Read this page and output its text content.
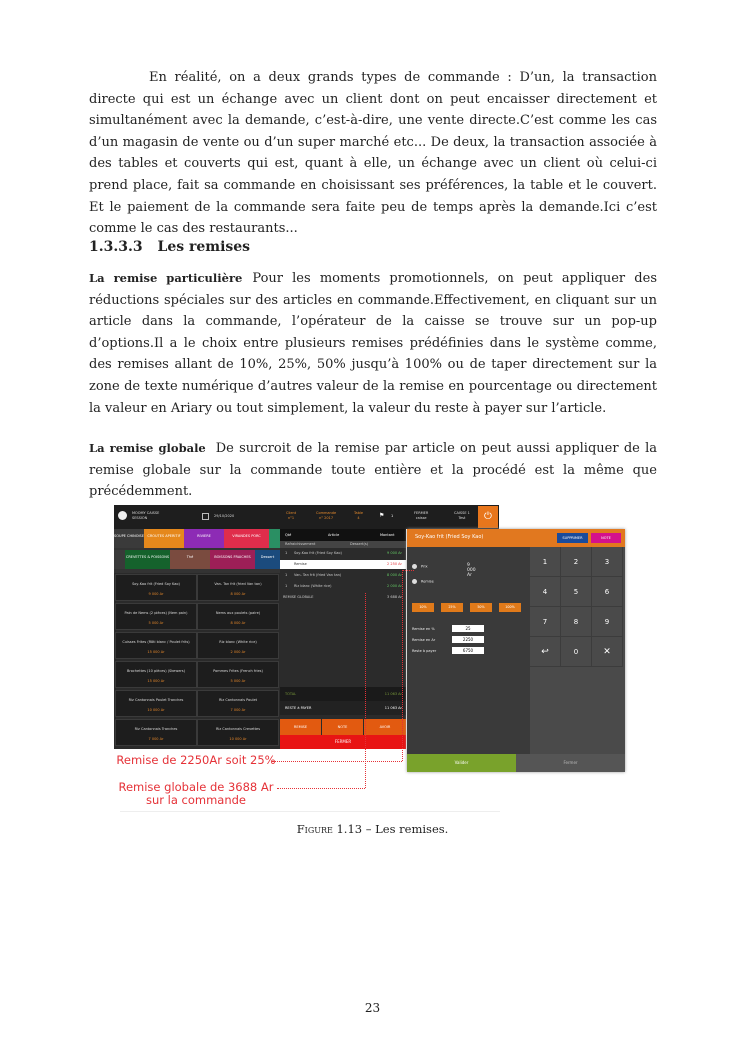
En réalité, on a deux grands types de commande : D’un, la transaction directe qui est un échange avec un client dont on peut encaisser directement et simultanément avec la demande, c’est-à-dire, une vente directe.C’est comme les cas d’un magasin de vente ou d’un super marché etc... De deux, la transaction associée à des tables et couverts qui est, quant à elle, un échange avec un client où celui-ci prend place, fait sa commande en choisissant ses préférences, la table et le couvert. Et le paiement de la commande sera faite peu de temps après la demande.Ici c’est comme le cas des restaurants...
1.3.3.3 Les remises
La remise particulière Pour les moments promotionnels, on peut appliquer des réductions spéciales sur des articles en commande.Effectivement, en cliquant sur un article dans la commande, l’opérateur de la caisse se trouve sur un pop-up d’options.Il a le choix entre plusieurs remises prédéfinies dans le système comme, des remises allant de 10%, 25%, 50% jusqu’à 100% ou de taper directement sur la zone de texte numérique d’autres valeur de la remise en pourcentage ou directement la valeur en Ariary ou tout simplement, la valeur du reste à payer sur l’article.
La remise globale De surcroit de la remise par article on peut aussi appliquer de la remise globale sur la commande toute entière et la procédé est la même que précédemment.
MOOMY CAISSE
SESSION	29/10/2020
Client
n°1
Commande
n° 2017
Table
4	⚑ 1
FERMER
caisse
CAISSE 1
Test	⏻
SOUPE CHINOISE CROUTES APERITIF	RIVIERE	VIRANDES PORC
CREVETTES & POISSONS	Thé	BOISSONS FRAICHES	Dessert
Soy-Kao frit (Fried Soy Kao)
9 000 Ar
Van- Tan frit (fried Van tan)
8 000 Ar
Pain de Nems (2 pièces) (Nem pain)
5 000 Ar
Nems aux poulets (paire)
8 000 Ar
Cuisses Frites (Rôti blanc / Poulet frits)
15 000 Ar
Riz blanc (White rice)
2 000 Ar
Brochettes (10 pièces) (Skewers)
15 000 Ar
Pommes Frites (French fries)
5 000 Ar
Riz Cantonnais Poulet Tranches
10 000 Ar
Riz Cantonnais Poulet
7 000 Ar
Riz Cantonnais Tranches
7 000 Ar
Riz Cantonnais Crevettes
10 000 Ar
Qté	Article	Montant
Rafraichissement	Dessert(s)
1 Soy-Kao frit (Fried Soy Kao)	9 000 Ar
Remise	2 250 Ar
1 Van- Tan frit (fried Van tan)	8 000 Ar
1 Riz blanc (White rice)	2 000 Ar
REMISE GLOBALE	3 688 Ar
TOTAL	11 063 Ar
RESTE à PAYER	11 063 Ar
REMISE	NOTE	AVOIR
FERMER
Soy-Kao frit (Fried Soy Kao)	SUPPRIMER	NOTE
Prix	9 000 Ar
Remise
10%	25%	50%	100%
Remise en %	25
Remise en Ar	2250
Reste à payer	6750
1	2	3
4	5	6
7	8	9
↩	0	✕
Valider	Fermer
Remise de 2250Ar soit 25%
Remise globale de 3688 Ar
sur la commande
Figure 1.13 – Les remises.
23
